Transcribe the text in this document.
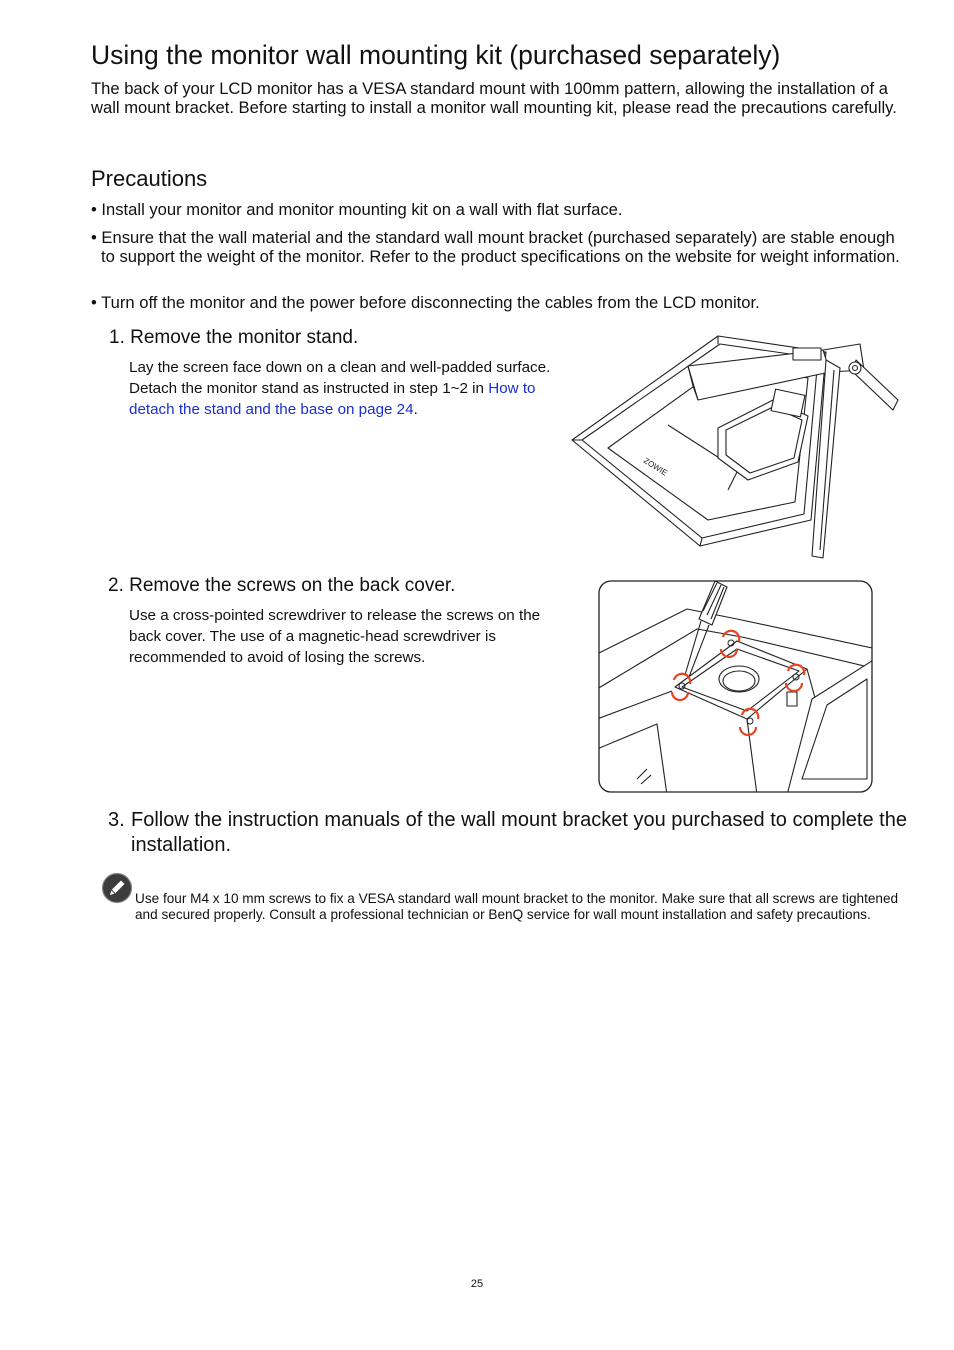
Using the monitor wall mounting kit (purchased separately)

The back of your LCD monitor has a VESA standard mount with 100mm pattern, allowing the installation of a wall mount bracket. Before starting to install a monitor wall mounting kit, please read the precautions carefully.

Precautions

• Install your monitor and monitor mounting kit on a wall with flat surface.

• Ensure that the wall material and the standard wall mount bracket (purchased separately) are stable enough to support the weight of the monitor. Refer to the product specifications on the website for weight information.

• Turn off the monitor and the power before disconnecting the cables from the LCD monitor.

1. Remove the monitor stand.

Lay the screen face down on a clean and well-padded surface. Detach the monitor stand as instructed in step 1~2 in How to detach the stand and the base on page 24.

ZOWIE
2. Remove the screws on the back cover.

Use a cross-pointed screwdriver to release the screws on the back cover. The use of a magnetic-head screwdriver is recommended to avoid of losing the screws.

3. Follow the instruction manuals of the wall mount bracket you purchased to complete the installation.

Use four M4 x 10 mm screws to fix a VESA standard wall mount bracket to the monitor. Make sure that all screws are tightened and secured properly. Consult a professional technician or BenQ service for wall mount installation and safety precautions.

25
